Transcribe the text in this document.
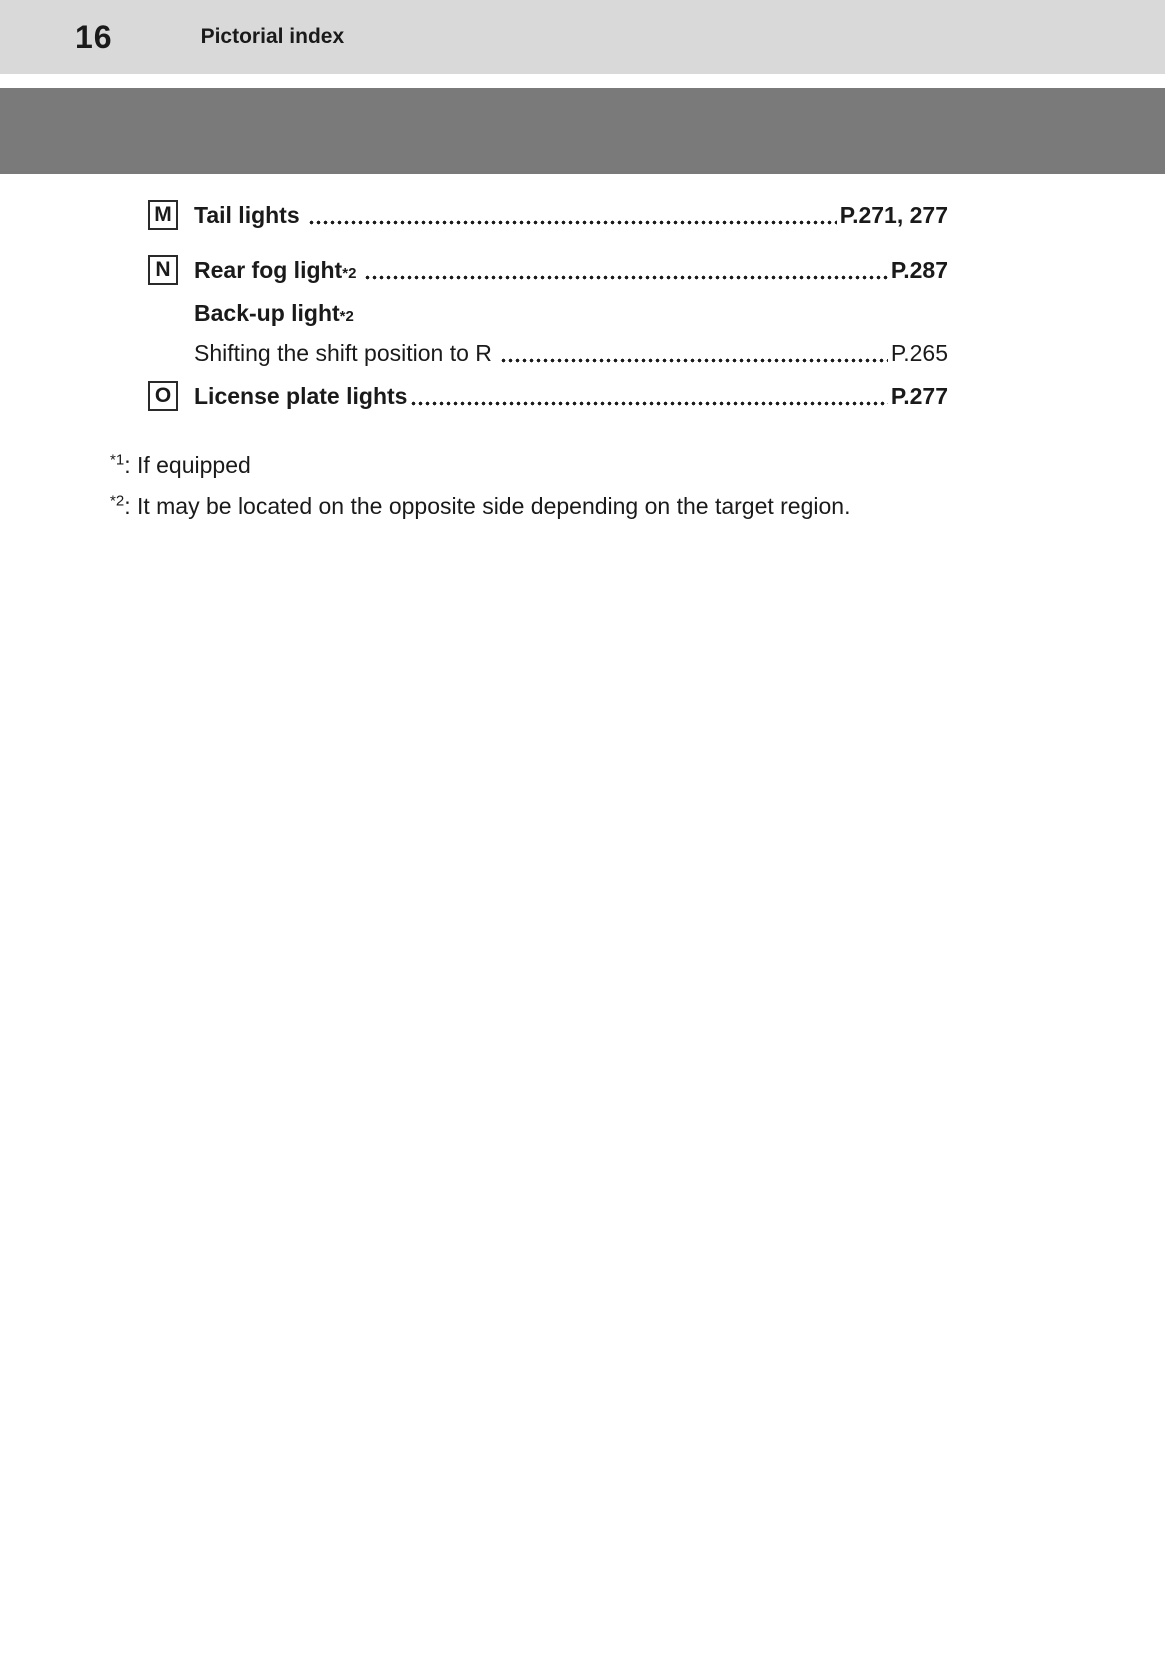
16	Pictorial index
M Tail lights	P.271, 277
N	Rear fog light *2	P.287
Back-up light *2
Shifting the shift position to R	P.265
O License plate lights	P.277
$^{*1}$: If equipped
$^{*2}$: It may be located on the opposite side depending on the target region.
